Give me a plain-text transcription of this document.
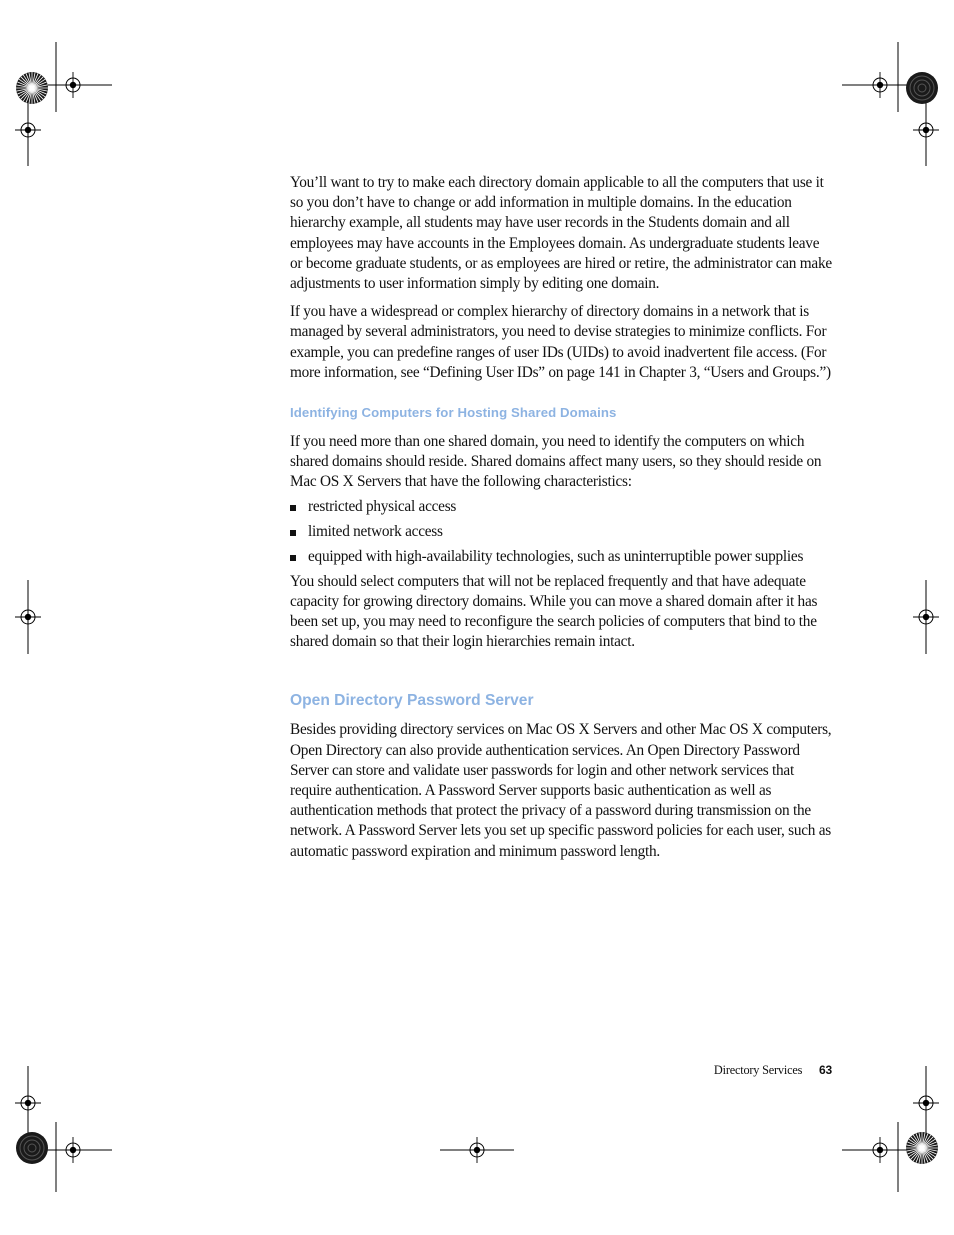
You’ll want to try to make each directory domain applicable to all the computers that use it so you don’t have to change or add information in multiple domains. In the education hierarchy example, all students may have user records in the Students domain and all employees may have accounts in the Employees domain. As undergraduate students leave or become graduate students, or as employees are hired or retire, the administrator can make adjustments to user information simply by editing one domain.

If you have a widespread or complex hierarchy of directory domains in a network that is managed by several administrators, you need to devise strategies to minimize conflicts. For example, you can predefine ranges of user IDs (UIDs) to avoid inadvertent file access. (For more information, see “Defining User IDs” on page 141 in Chapter 3, “Users and Groups.”)

Identifying Computers for Hosting Shared Domains

If you need more than one shared domain, you need to identify the computers on which shared domains should reside. Shared domains affect many users, so they should reside on Mac OS X Servers that have the following characteristics:

restricted physical access
limited network access
equipped with high-availability technologies, such as uninterruptible power supplies

You should select computers that will not be replaced frequently and that have adequate capacity for growing directory domains. While you can move a shared domain after it has been set up, you may need to reconfigure the search policies of computers that bind to the shared domain so that their login hierarchies remain intact.

Open Directory Password Server

Besides providing directory services on Mac OS X Servers and other Mac OS X computers, Open Directory can also provide authentication services. An Open Directory Password Server can store and validate user passwords for login and other network services that require authentication. A Password Server supports basic authentication as well as authentication methods that protect the privacy of a password during transmission on the network. A Password Server lets you set up specific password policies for each user, such as automatic password expiration and minimum password length.

Directory Services 63
